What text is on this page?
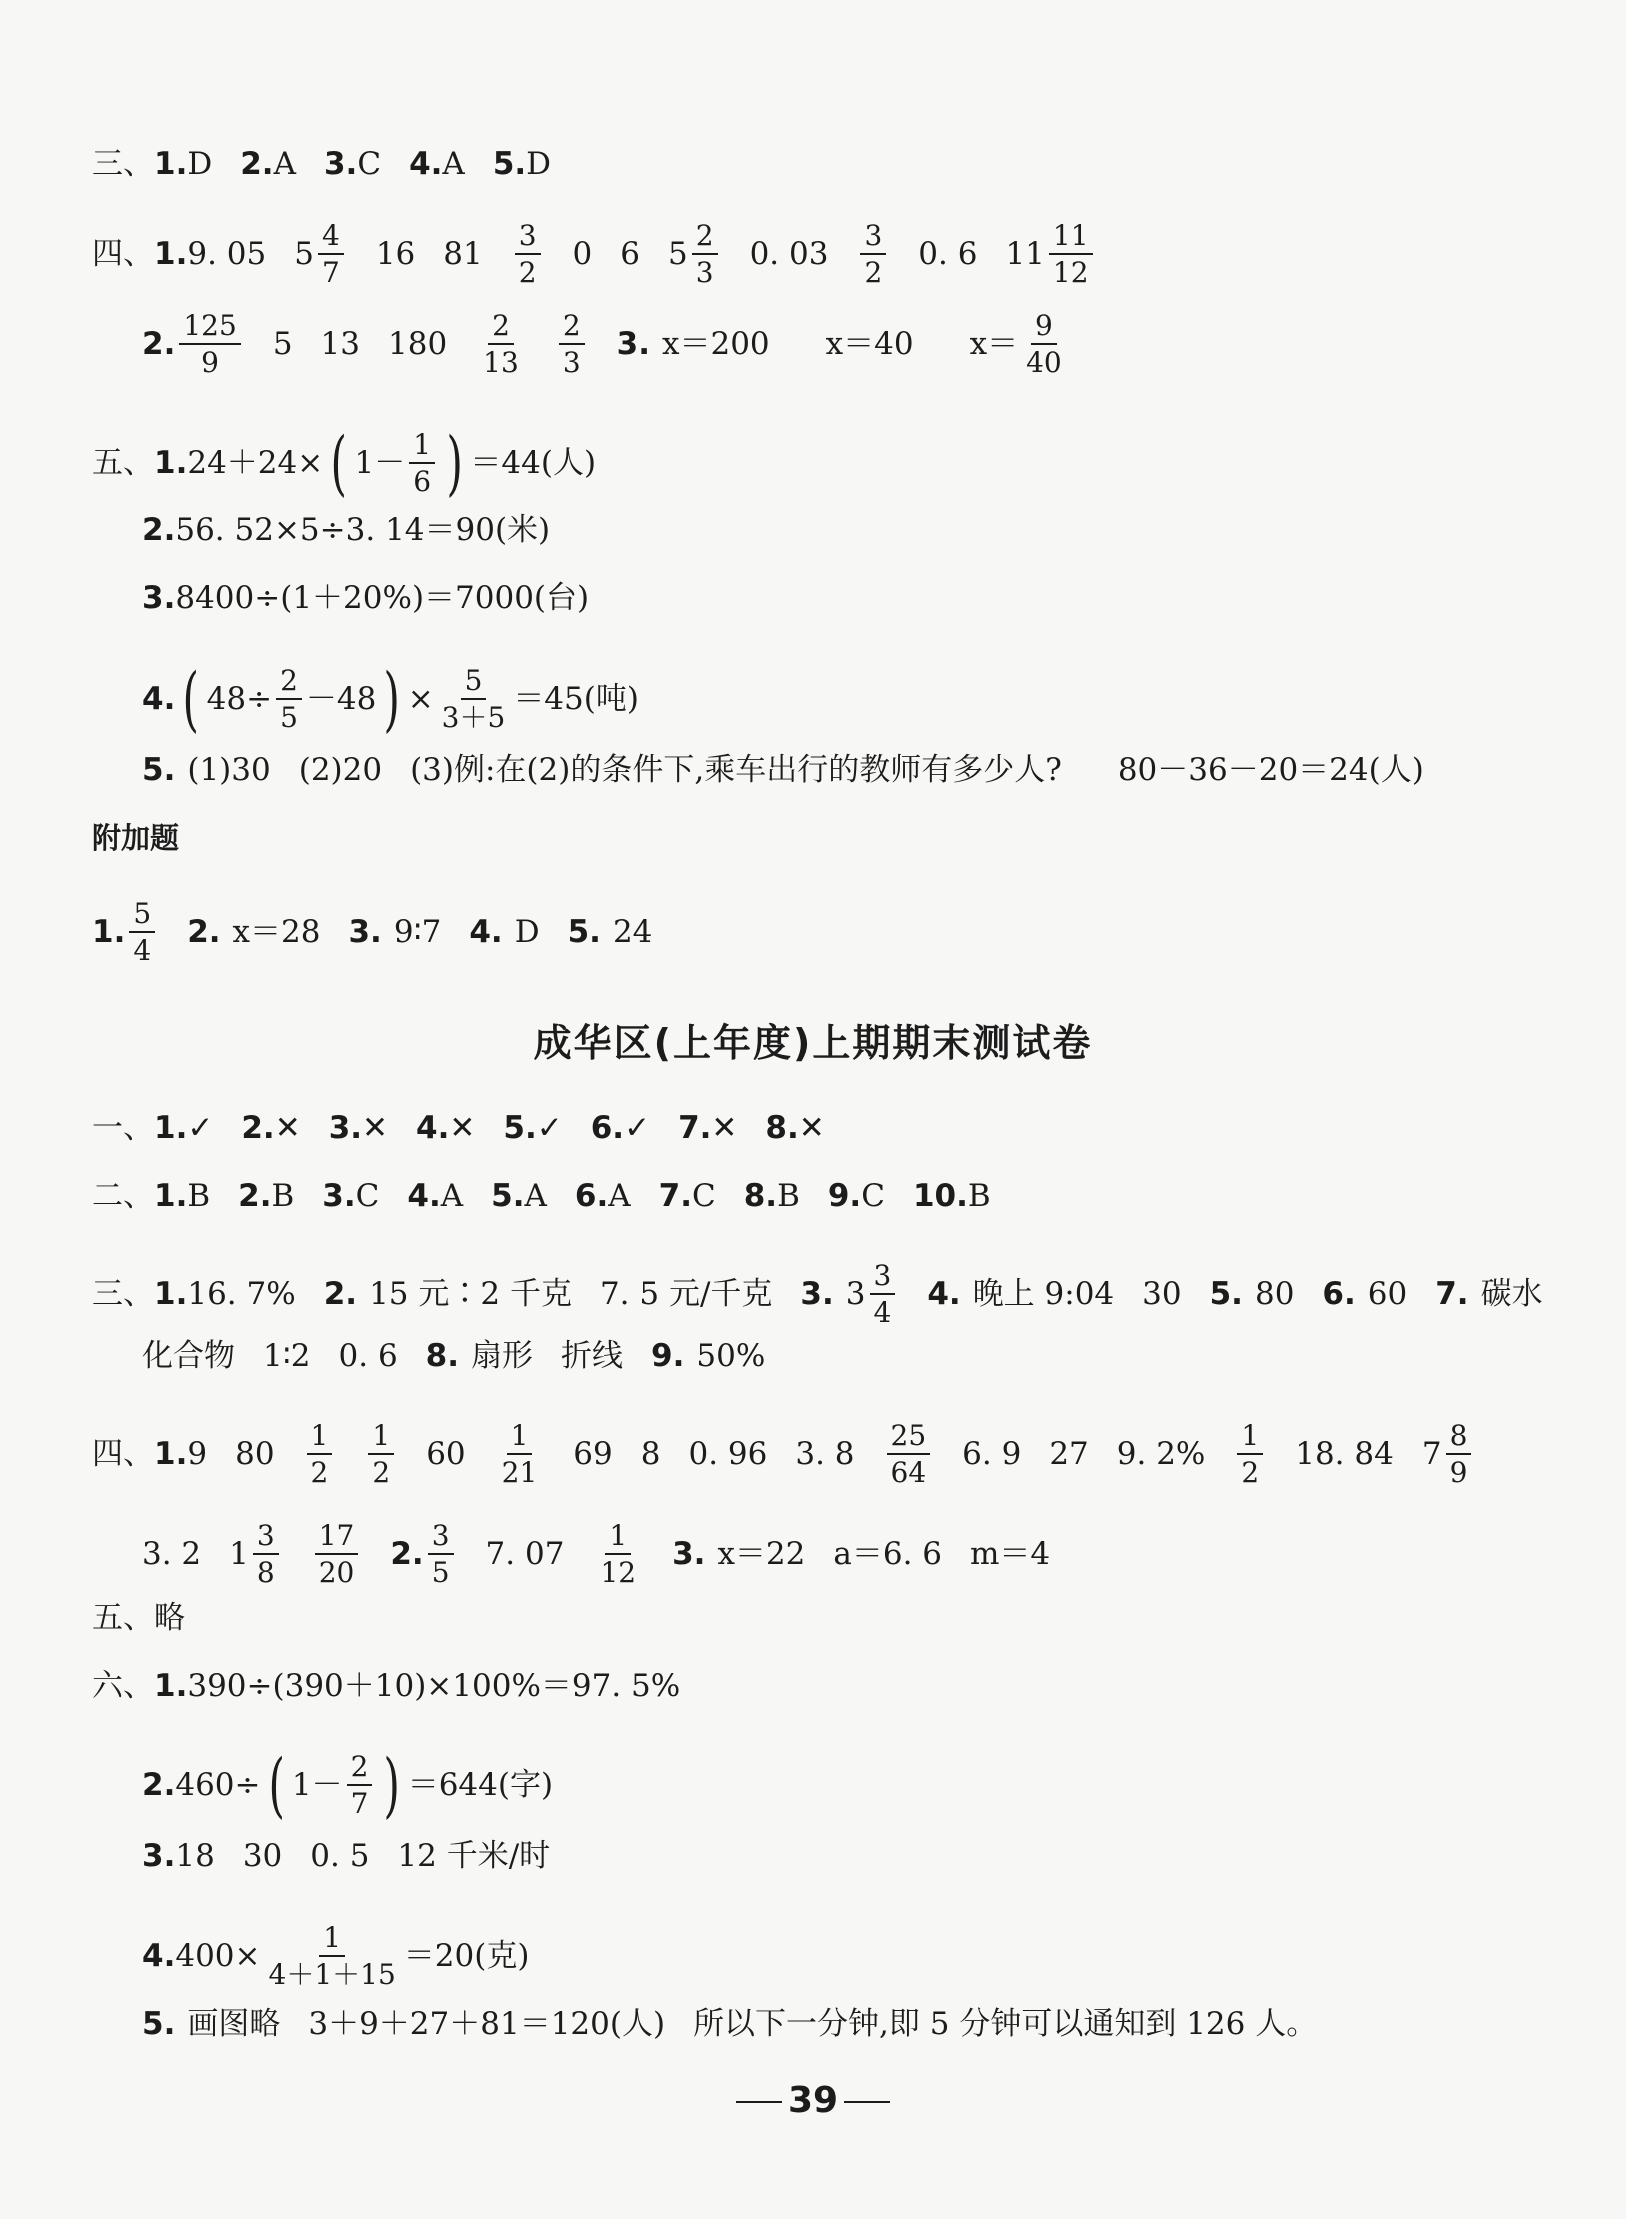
三、 1. D 2. A 3. C 4. A 5. D
四、 1. 9. 05 $5 \frac{4}{7} 16$ $81 \frac{3}{2} 0$ 6 $5 \frac{2}{3} 0$. $03 \frac{3}{2} 0$. 6 $11 \frac{11}{12}$
2. $\frac{125}{9} 5$ 13 $180 \frac{2}{13} \frac{2}{3} 3$. x＝200 x＝40 $x= \frac{9}{40}$
五、 1. 24＋24× ( $1- \frac{1}{6}$ ) ＝44(人)
2. 56. 52×5÷3. 14＝90(米)
3. 8400÷(1＋20%)＝7000(台)
4. ( $48\div \frac{2}{5} -48$ ) × $\frac{5}{3+5} =45$(吨)
5. (1)30 (2)20 (3)例:在(2)的条件下,乘车出行的教师有多少人? 80－36－20＝24(人)
附加题
1. $\frac{5}{4} 2$. x＝28 3. 9∶7 4. D 5. 24
成华区(上年度)上期期末测试卷
一、 1. ✓ 2. ✕ 3. ✕ 4. ✕ 5. ✓ 6. ✓ 7. ✕ 8. ✕
二、 1. B 2. B 3. C 4. A 5. A 6. A 7. C 8. B 9. C 10. B
三、 1. 16. 7% 2. 15 元∶2 千克 7. 5 元/千克 3. $3 \frac{3}{4} 4$. 晚上 9:04 30 5. 80 6. 60 7. 碳水
化合物 1∶2 0. 6 8. 扇形 折线 9. 50%
四、 1. 9 $80 \frac{1}{2} \frac{1}{2} 60 \frac{1}{21} 69$ 8 0. 96 3. $8 \frac{25}{64} 6$. 9 27 9. $2\% \frac{1}{2} 18$. 84 $7 \frac{8}{9}$
3. 2 $1 \frac{3}{8} \frac{17}{20} 2$. $\frac{3}{5} 7$. $07 \frac{1}{12} 3$. x＝22 a＝6. 6 m＝4
五、 略
六、 1. 390÷(390＋10)×100%＝97. 5%
2. 460÷ ( $1- \frac{2}{7}$ ) ＝644(字)
3. 18 30 0. 5 12 千米/时
4. $400\times \frac{1}{4+1+15} =20$(克)
5. 画图略 3＋9＋27＋81＝120(人) 所以下一分钟,即 5 分钟可以通知到 126 人。
39
